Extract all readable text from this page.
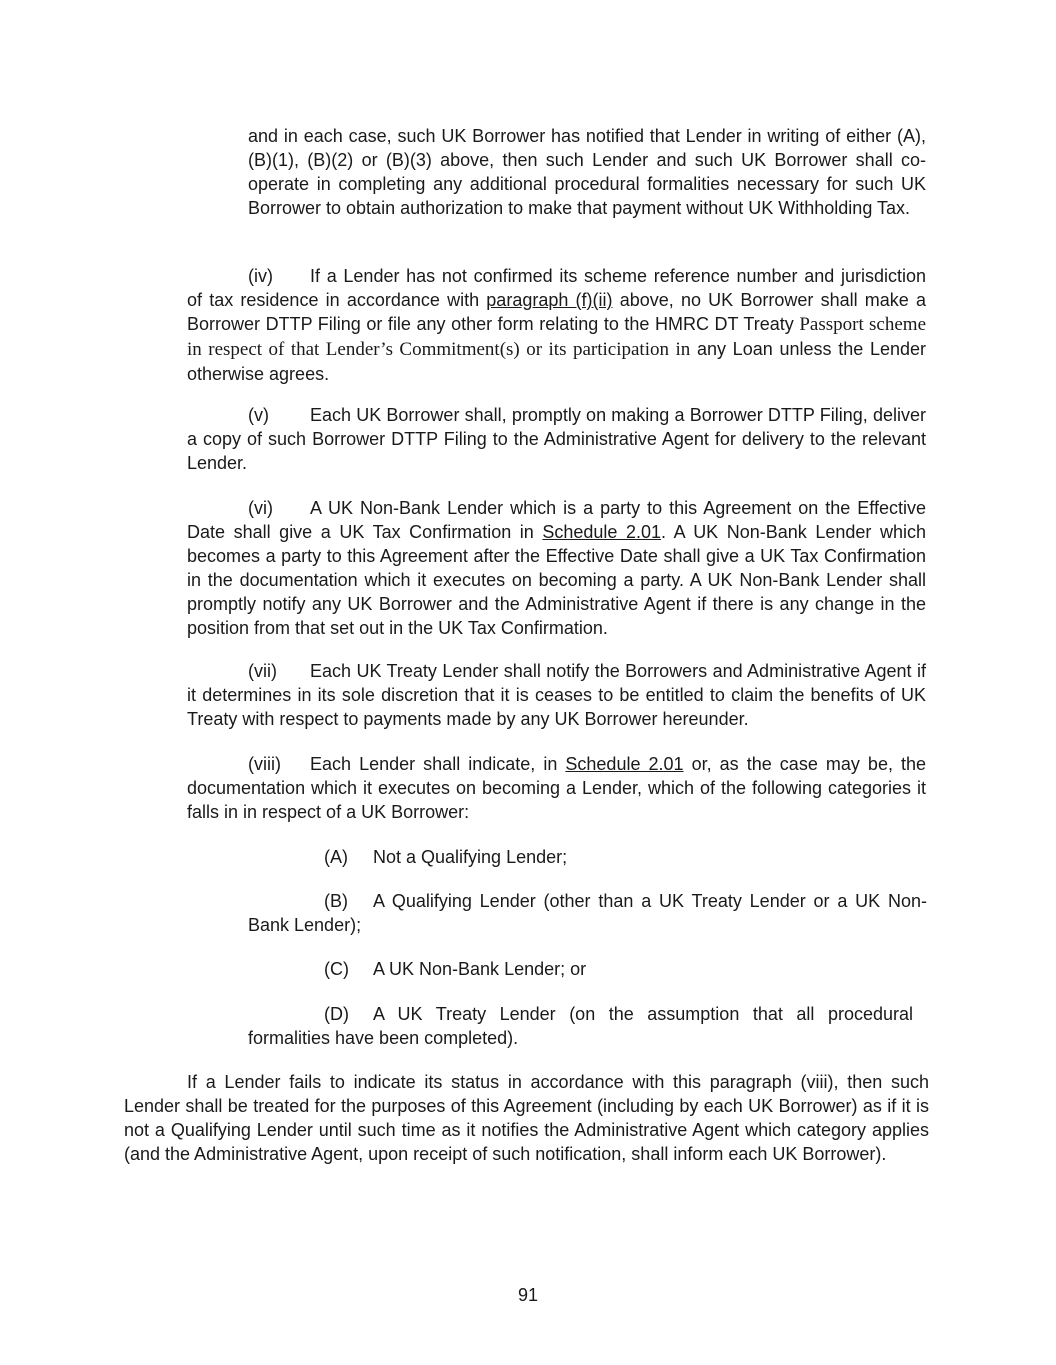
and in each case, such UK Borrower has notified that Lender in writing of either (A), (B)(1), (B)(2) or (B)(3) above, then such Lender and such UK Borrower shall co-operate in completing any additional procedural formalities necessary for such UK Borrower to obtain authorization to make that payment without UK Withholding Tax.

(iv) If a Lender has not confirmed its scheme reference number and jurisdiction of tax residence in accordance with paragraph (f)(ii) above, no UK Borrower shall make a Borrower DTTP Filing or file any other form relating to the HMRC DT Treaty Passport scheme in respect of that Lender’s Commitment(s) or its participation in any Loan unless the Lender otherwise agrees.

(v) Each UK Borrower shall, promptly on making a Borrower DTTP Filing, deliver a copy of such Borrower DTTP Filing to the Administrative Agent for delivery to the relevant Lender.

(vi) A UK Non-Bank Lender which is a party to this Agreement on the Effective Date shall give a UK Tax Confirmation in Schedule 2.01. A UK Non-Bank Lender which becomes a party to this Agreement after the Effective Date shall give a UK Tax Confirmation in the documentation which it executes on becoming a party. A UK Non-Bank Lender shall promptly notify any UK Borrower and the Administrative Agent if there is any change in the position from that set out in the UK Tax Confirmation.

(vii) Each UK Treaty Lender shall notify the Borrowers and Administrative Agent if it determines in its sole discretion that it is ceases to be entitled to claim the benefits of UK Treaty with respect to payments made by any UK Borrower hereunder.

(viii) Each Lender shall indicate, in Schedule 2.01 or, as the case may be, the documentation which it executes on becoming a Lender, which of the following categories it falls in in respect of a UK Borrower:

(A) Not a Qualifying Lender;

(B) A Qualifying Lender (other than a UK Treaty Lender or a UK Non-Bank Lender);

(C) A UK Non-Bank Lender; or

(D) A UK Treaty Lender (on the assumption that all procedural formalities have been completed).

If a Lender fails to indicate its status in accordance with this paragraph (viii), then such Lender shall be treated for the purposes of this Agreement (including by each UK Borrower) as if it is not a Qualifying Lender until such time as it notifies the Administrative Agent which category applies (and the Administrative Agent, upon receipt of such notification, shall inform each UK Borrower).

91
